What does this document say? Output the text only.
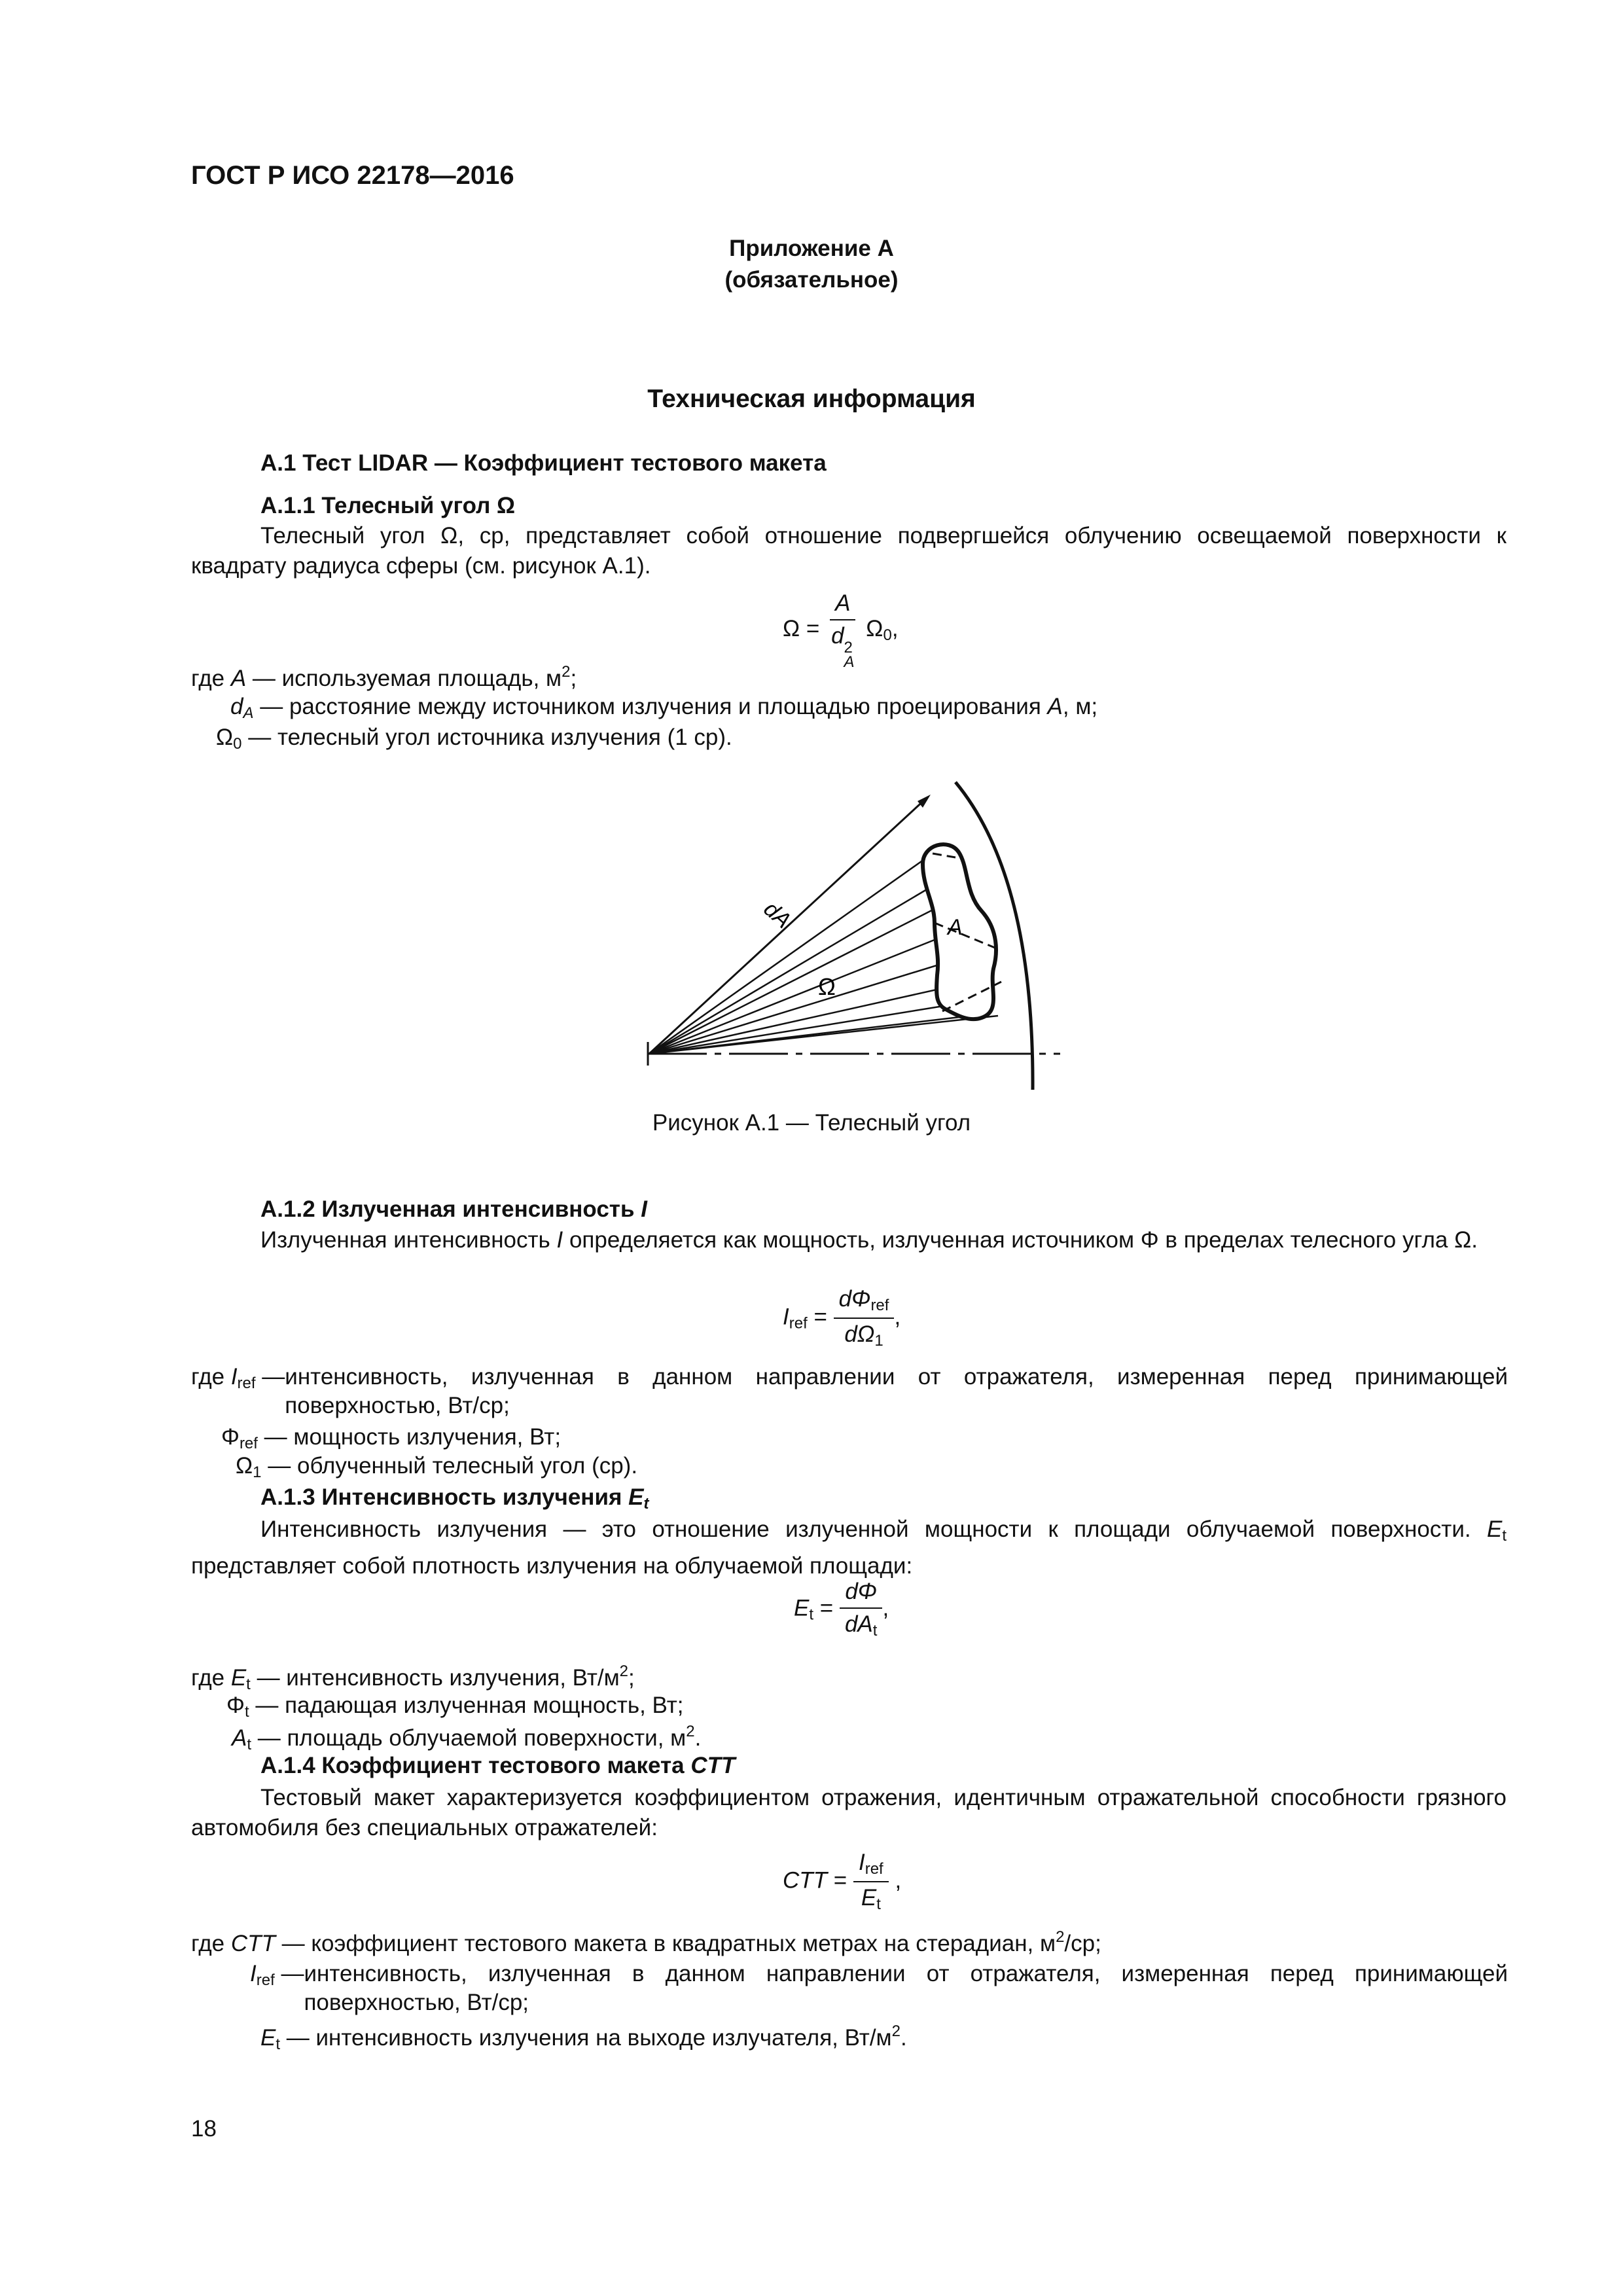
ГОСТ Р ИСО 22178—2016
Приложение А
(обязательное)
Техническая информация
А.1 Тест LIDAR — Коэффициент тестового макета
А.1.1 Телесный угол Ω
Телесный угол Ω, ср, представляет собой отношение подвергшейся облучению освещаемой поверхности к квадрату радиуса сферы (см. рисунок А.1).
Ω = A
d 2
A $\Omega_0$,
где A — используемая площадь, $м^2$;
$d_A$ — расстояние между источником излучения и площадью проецирования A, м;
$\Omega_0$ — телесный угол источника излучения (1 ср).
dA	A
Ω
Рисунок А.1 — Телесный угол
А.1.2 Излученная интенсивность I
Излученная интенсивность I определяется как мощность, излученная источником Φ в пределах телесного угла Ω.
$I_{ref} = \frac{d\Phi_{ref}}{d\Omega_1}$ ,
где $I_{ref}$ — интенсивность, излученная в данном направлении от отражателя, измеренная перед принимающей поверхностью, Вт/ср;
$\Phi_{ref}$ — мощность излучения, Вт;
$\Omega_1$ — облученный телесный угол (ср).
А.1.3 Интенсивность излучения $E_t$
Интенсивность излучения — это отношение излученной мощности к площади облучаемой поверхности. $E_t$ представляет собой плотность излучения на облучаемой площади:
$E_t = \frac{d\Phi}{dA_t}$ ,
где $E_t$ — интенсивность излучения, $Вт/м^2$;
$\Phi_t$ — падающая излученная мощность, Вт;
$A_t$ — площадь облучаемой поверхности, $м^2$.
А.1.4 Коэффициент тестового макета CTT
Тестовый макет характеризуется коэффициентом отражения, идентичным отражательной способности грязного автомобиля без специальных отражателей:
CTT = $\frac{I_{ref}}{E_t}$ ,
где CTT — коэффициент тестового макета в квадратных метрах на стерадиан, $м^2/ср$;
$I_{ref}$ — интенсивность, излученная в данном направлении от отражателя, измеренная перед принимающей поверхностью, Вт/ср;
$E_t$ — интенсивность излучения на выходе излучателя, $Вт/м^2$.
18
